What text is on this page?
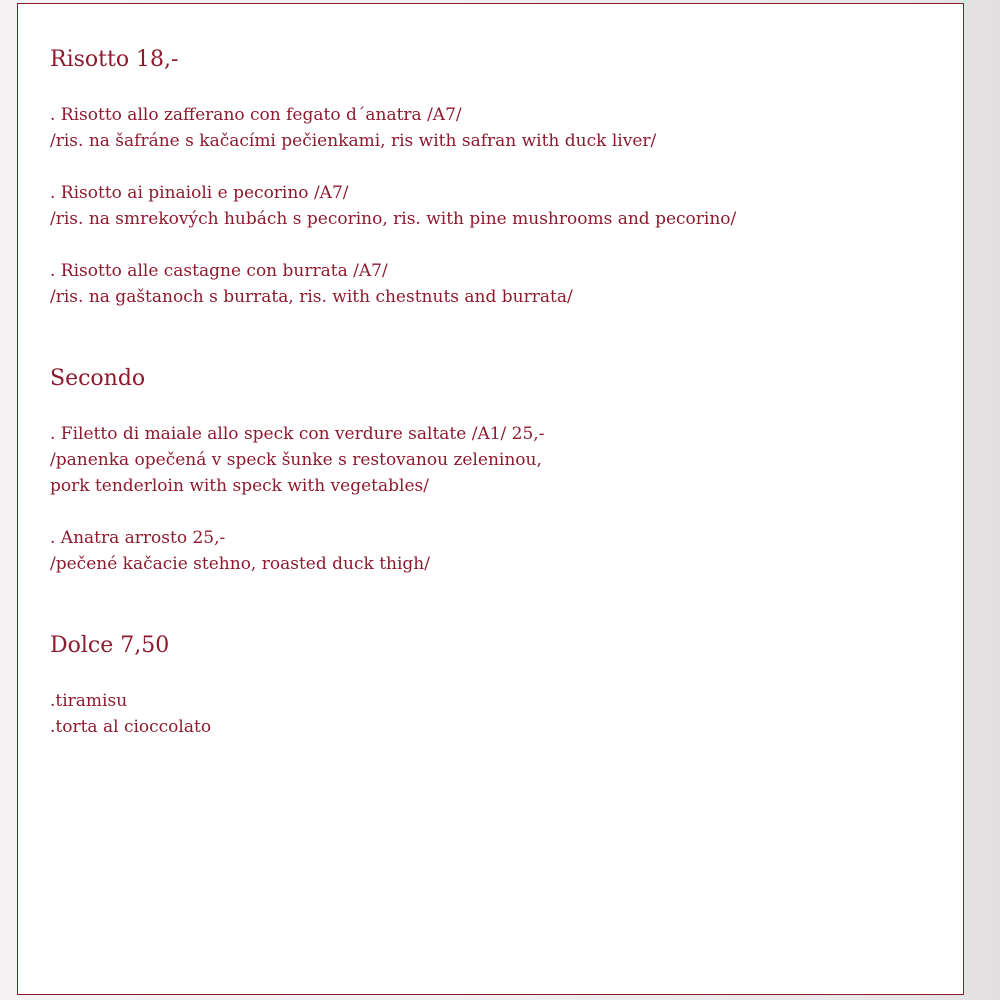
Risotto 18,-

. Risotto allo zafferano con fegato d´anatra /A7/

/ris. na šafráne s kačacími pečienkami, ris with safran with duck liver/

. Risotto ai pinaioli e pecorino /A7/

/ris. na smrekových hubách s pecorino, ris. with pine mushrooms and pecorino/

. Risotto alle castagne con burrata /A7/

/ris. na gaštanoch s burrata, ris. with chestnuts and burrata/

Secondo

. Filetto di maiale allo speck con verdure saltate /A1/ 25,-

/panenka opečená v speck šunke s restovanou zeleninou,

pork tenderloin with speck with vegetables/

. Anatra arrosto 25,-

/pečené kačacie stehno, roasted duck thigh/

Dolce 7,50

.tiramisu

.torta al cioccolato
